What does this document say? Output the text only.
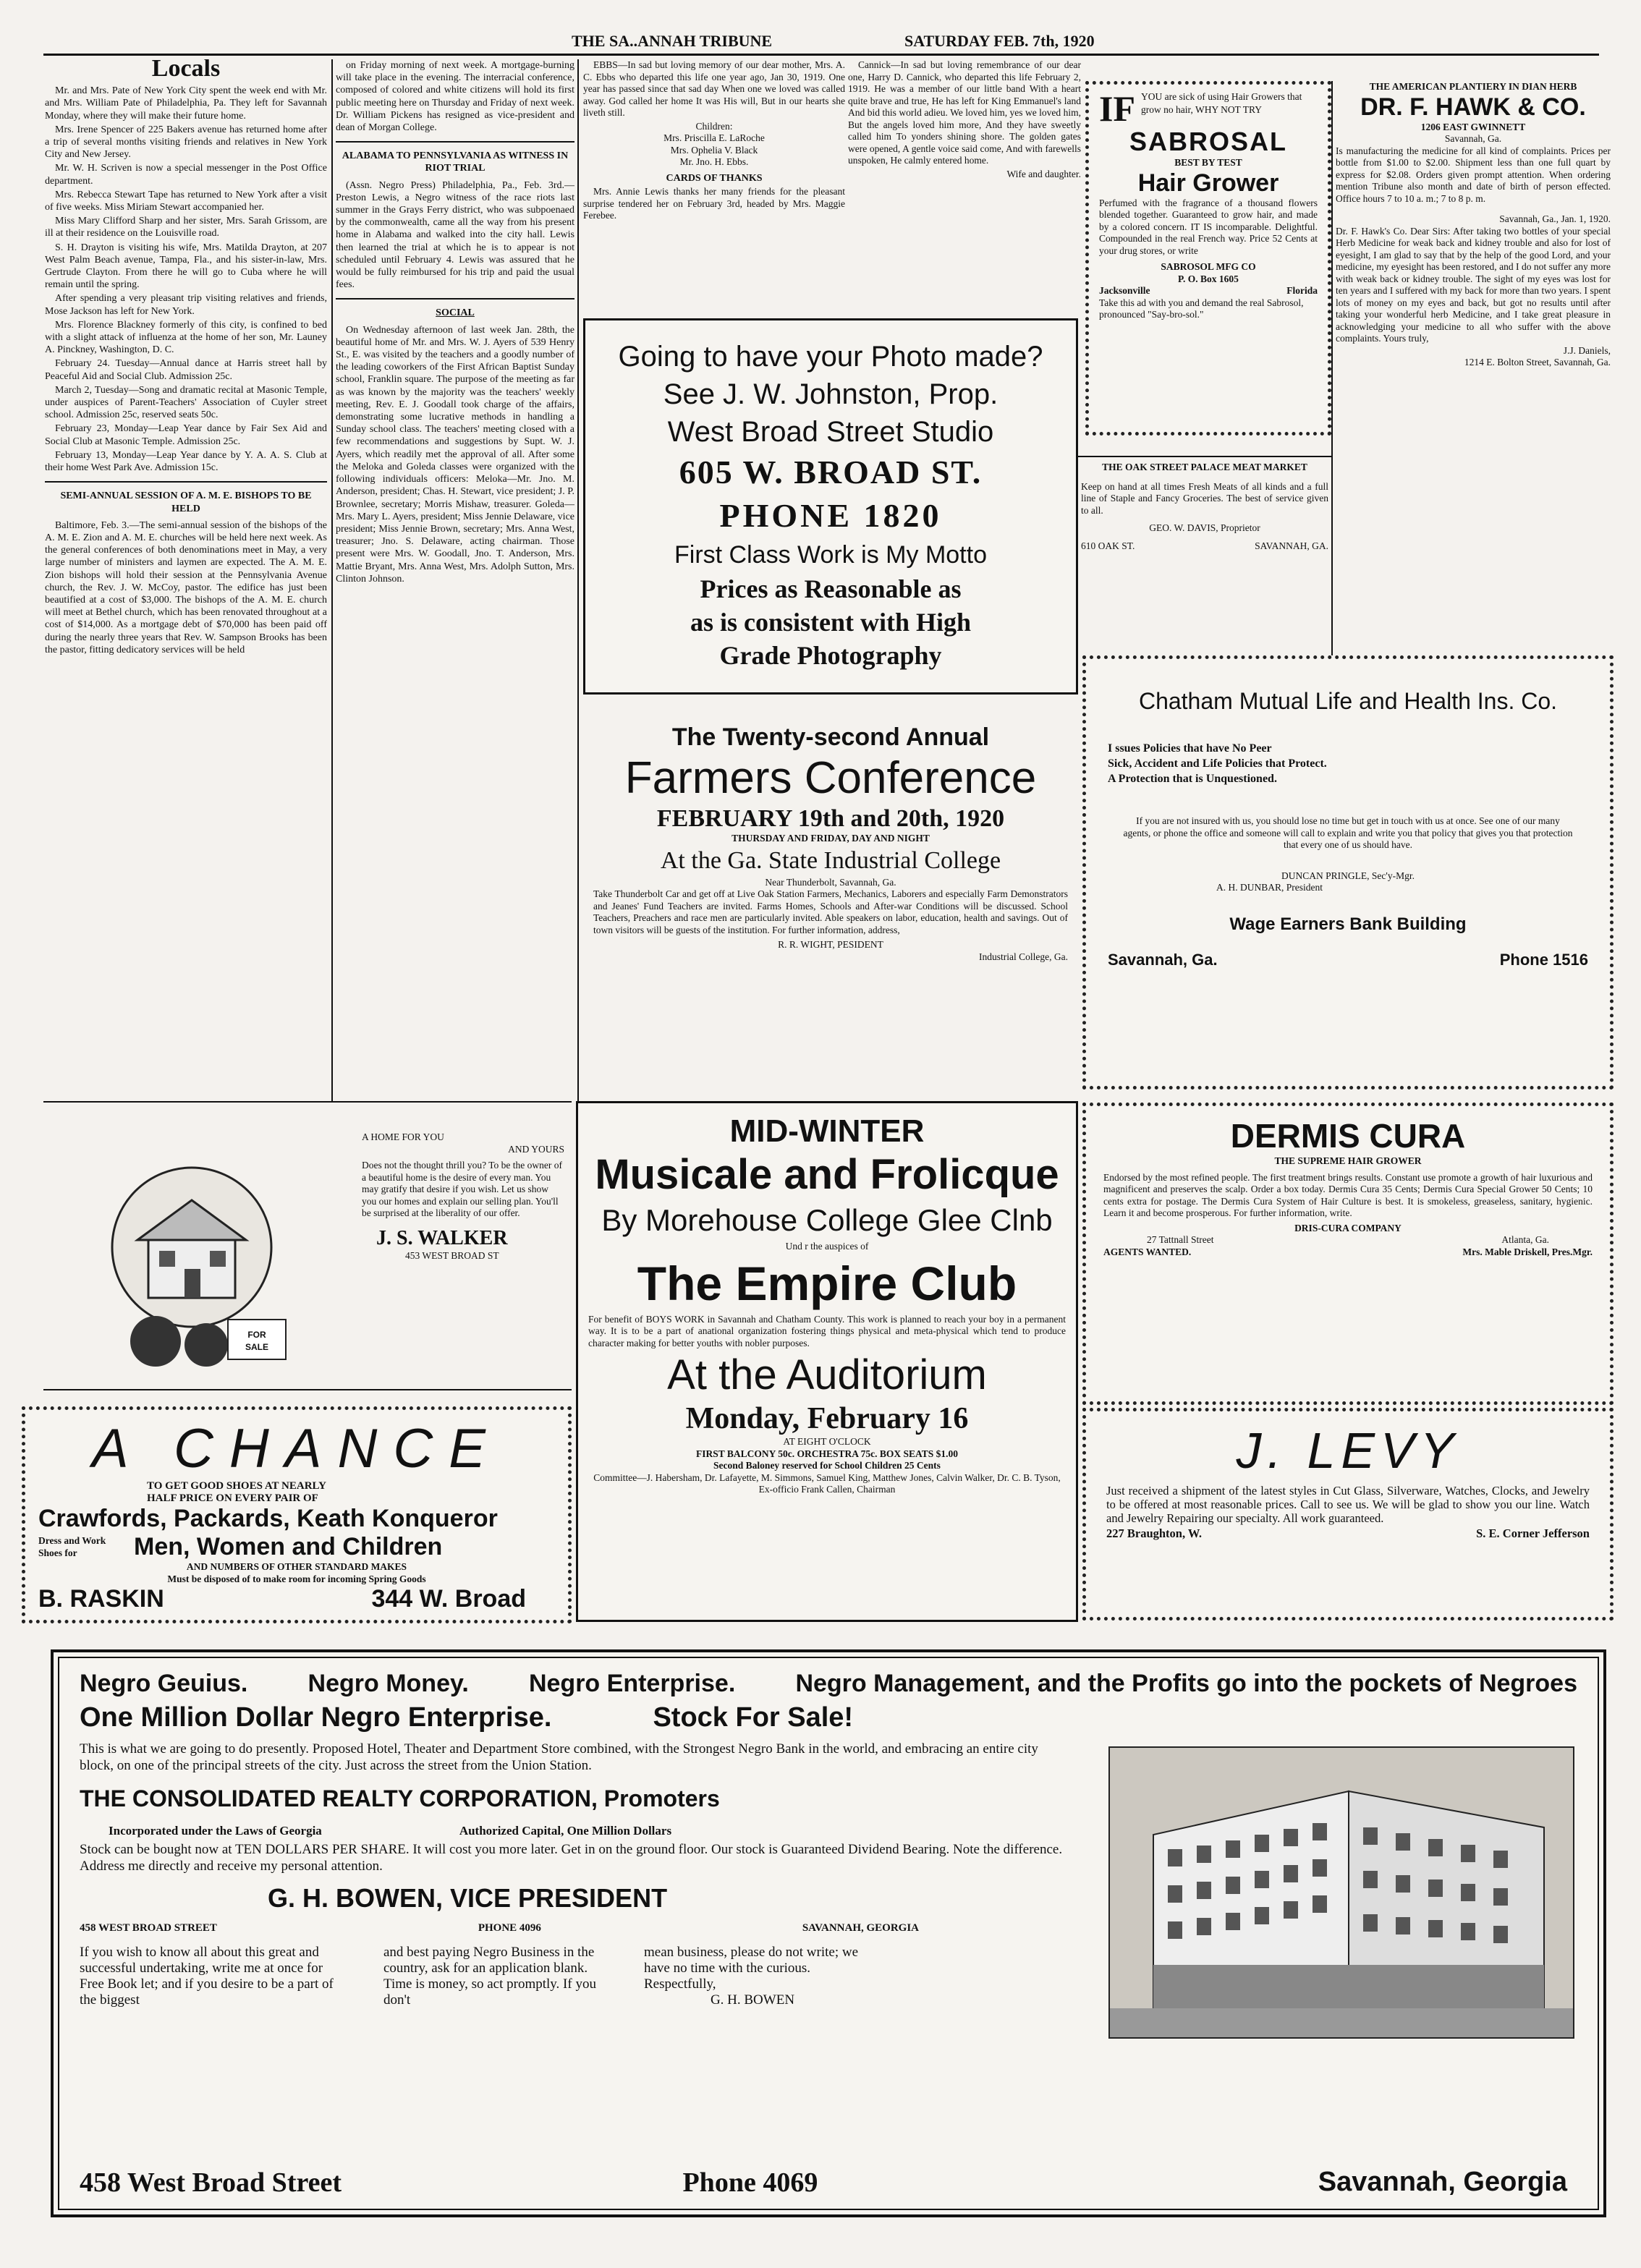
THE SA..ANNAH TRIBUNE	SATURDAY FEB. 7th, 1920
Locals

Mr. and Mrs. Pate of New York City spent the week end with Mr. and Mrs. William Pate of Philadelphia, Pa. They left for Savannah Monday, where they will make their future home.

Mrs. Irene Spencer of 225 Bakers avenue has returned home after a trip of several months visiting friends and relatives in New York City and New Jersey.

Mr. W. H. Scriven is now a special messenger in the Post Office department.

Mrs. Rebecca Stewart Tape has returned to New York after a visit of five weeks. Miss Miriam Stewart accompanied her.

Miss Mary Clifford Sharp and her sister, Mrs. Sarah Grissom, are ill at their residence on the Louisville road.

S. H. Drayton is visiting his wife, Mrs. Matilda Drayton, at 207 West Palm Beach avenue, Tampa, Fla., and his sister-in-law, Mrs. Gertrude Clayton. From there he will go to Cuba where he will remain until the spring.

After spending a very pleasant trip visiting relatives and friends, Mose Jackson has left for New York.

Mrs. Florence Blackney formerly of this city, is confined to bed with a slight attack of influenza at the home of her son, Mr. Launey A. Pinckney, Washington, D. C.

February 24. Tuesday—Annual dance at Harris street hall by Peaceful Aid and Social Club. Admission 25c.

March 2, Tuesday—Song and dramatic recital at Masonic Temple, under auspices of Parent-Teachers' Association of Cuyler street school. Admission 25c, reserved seats 50c.

February 23, Monday—Leap Year dance by Fair Sex Aid and Social Club at Masonic Temple. Admission 25c.

February 13, Monday—Leap Year dance by Y. A. A. S. Club at their home West Park Ave. Admission 15c.

SEMI-ANNUAL SESSION OF A. M. E. BISHOPS TO BE HELD

Baltimore, Feb. 3.—The semi-annual session of the bishops of the A. M. E. Zion and A. M. E. churches will be held here next week. As the general conferences of both denominations meet in May, a very large number of ministers and laymen are expected. The A. M. E. Zion bishops will hold their session at the Pennsylvania Avenue church, the Rev. J. W. McCoy, pastor. The edifice has just been beautified at a cost of $3,000. The bishops of the A. M. E. church will meet at Bethel church, which has been renovated throughout at a cost of $14,000. As a mortgage debt of $70,000 has been paid off during the nearly three years that Rev. W. Sampson Brooks has been the pastor, fitting dedicatory services will be held

on Friday morning of next week. A mortgage-burning will take place in the evening. The interracial conference, composed of colored and white citizens will hold its first public meeting here on Thursday and Friday of next week. Dr. William Pickens has resigned as vice-president and dean of Morgan College.

ALABAMA TO PENNSYLVANIA AS WITNESS IN RIOT TRIAL

(Assn. Negro Press) Philadelphia, Pa., Feb. 3rd.—Preston Lewis, a Negro witness of the race riots last summer in the Grays Ferry district, who was subpoenaed by the commonwealth, came all the way from his present home in Alabama and walked into the city hall. Lewis then learned the trial at which he is to appear is not scheduled until February 4. Lewis was assured that he would be fully reimbursed for his trip and paid the usual fees.

SOCIAL

On Wednesday afternoon of last week Jan. 28th, the beautiful home of Mr. and Mrs. W. J. Ayers of 539 Henry St., E. was visited by the teachers and a goodly number of the leading coworkers of the First African Baptist Sunday school, Franklin square. The purpose of the meeting as far as was known by the majority was the teachers' weekly meeting, Rev. E. J. Goodall took charge of the affairs, demonstrating some lucrative methods in handling a Sunday school class. The teachers' meeting closed with a few recommendations and suggestions by Supt. W. J. Ayers, which readily met the approval of all. After some the Meloka and Goleda classes were organized with the following individuals officers: Meloka—Mr. Jno. M. Anderson, president; Chas. H. Stewart, vice president; J. P. Brownlee, secretary; Morris Mishaw, treasurer. Goleda—Mrs. Mary L. Ayers, president; Miss Jennie Delaware, vice president; Miss Jennie Brown, secretary; Mrs. Anna West, treasurer; Jno. S. Delaware, acting chairman. Those present were Mrs. W. Goodall, Jno. T. Anderson, Mrs. Mattie Bryant, Mrs. Anna West, Mrs. Adolph Sutton, Mrs. Clinton Johnson.

EBBS—In sad but loving memory of our dear mother, Mrs. A. C. Ebbs who departed this life one year ago, Jan 30, 1919. One year has passed since that sad day When one we loved was called away. God called her home It was His will, But in our hearts she liveth still.

Children:
Mrs. Priscilla E. LaRoche
Mrs. Ophelia V. Black
Mr. Jno. H. Ebbs.
CARDS OF THANKS

Mrs. Annie Lewis thanks her many friends for the pleasant surprise tendered her on February 3rd, headed by Mrs. Maggie Ferebee.

Cannick—In sad but loving remembrance of our dear one, Harry D. Cannick, who departed this life February 2, 1919. He was a member of our little band With a heart quite brave and true, He has left for King Emmanuel's land And bid this world adieu. We loved him, yes we loved him, But the angels loved him more, And they have sweetly called him To yonders shining shore. The golden gates were opened, A gentle voice said come, And with farewells unspoken, He calmly entered home.

Wife and daughter.
Going to have your Photo made?
See J. W. Johnston, Prop.
West Broad Street Studio
605 W. BROAD ST.
PHONE 1820
First Class Work is My Motto
Prices as Reasonable as
as is consistent with High
Grade Photography
IF YOU are sick of using Hair Growers that grow no hair, WHY NOT TRY
SABROSAL
BEST BY TEST
Hair Grower
Perfumed with the fragrance of a thousand flowers blended together. Guaranteed to grow hair, and made by a colored concern. IT IS incomparable. Delightful. Compounded in the real French way. Price 52 Cents at your drug stores, or write
SABROSOL MFG CO
P. O. Box 1605
Jacksonville	Florida
Take this ad with you and demand the real Sabrosol, pronounced "Say-bro-sol."
THE OAK STREET PALACE MEAT MARKET
Keep on hand at all times Fresh Meats of all kinds and a full line of Staple and Fancy Groceries. The best of service given to all.
GEO. W. DAVIS, Proprietor
610 OAK ST.	SAVANNAH, GA.
THE AMERICAN PLANTIERY IN DIAN HERB
DR. F. HAWK & CO.
1206 EAST GWINNETT
Savannah, Ga.
Is manufacturing the medicine for all kind of complaints. Prices per bottle from $1.00 to $2.00. Shipment less than one full quart by express for $2.08. Orders given prompt attention. When ordering mention Tribune also month and date of birth of person effected. Office hours 7 to 10 a. m.; 7 to 8 p. m.
Savannah, Ga., Jan. 1, 1920.
Dr. F. Hawk's Co. Dear Sirs: After taking two bottles of your special Herb Medicine for weak back and kidney trouble and also for lost of eyesight, I am glad to say that by the help of the good Lord, and your medicine, my eyesight has been restored, and I do not suffer any more with weak back or kidney trouble. The sight of my eyes was lost for ten years and I suffered with my back for more than two years. I spent lots of money on my eyes and back, but got no results until after taking your wonderful herb Medicine, and I take great pleasure in acknowledging your medicine to all who suffer with the above complaints. Yours truly,
J.J. Daniels,
1214 E. Bolton Street, Savannah, Ga.
The Twenty-second Annual
Farmers Conference
FEBRUARY 19th and 20th, 1920
THURSDAY AND FRIDAY, DAY AND NIGHT
At the Ga. State Industrial College
Near Thunderbolt, Savannah, Ga.
Take Thunderbolt Car and get off at Live Oak Station Farmers, Mechanics, Laborers and especially Farm Demonstrators and Jeanes' Fund Teachers are invited. Farms Homes, Schools and After-war Conditions will be discussed. School Teachers, Preachers and race men are particularly invited. Able speakers on labor, education, health and savings. Out of town visitors will be guests of the institution. For further information, address,
R. R. WIGHT, PESIDENT
Industrial College, Ga.
Chatham Mutual Life and Health Ins. Co.
I ssues Policies that have No Peer
Sick, Accident and Life Policies that Protect.
A Protection that is Unquestioned.
If you are not insured with us, you should lose no time but get in touch with us at once. See one of our many agents, or phone the office and someone will call to explain and write you that policy that gives you that protection that every one of us should have.
DUNCAN PRINGLE, Sec'y-Mgr.
A. H. DUNBAR, President
Wage Earners Bank Building
Savannah, Ga.	Phone 1516
FOR
SALE
A HOME FOR YOU
AND YOURS
Does not the thought thrill you? To be the owner of a beautiful home is the desire of every man. You may gratify that desire if you wish. Let us show you our homes and explain our selling plan. You'll be surprised at the liberality of our offer.
J. S. WALKER
453 WEST BROAD ST
MID-WINTER
Musicale and Frolicque
By Morehouse College Glee Clnb
Und r the auspices of
The Empire Club
For benefit of BOYS WORK in Savannah and Chatham County. This work is planned to reach your boy in a permanent way. It is to be a part of anational organization fostering things physical and meta-physical which tend to produce character making for better youths with nobler purposes.
At the Auditorium
Monday, February 16
AT EIGHT O'CLOCK
FIRST BALCONY 50c. ORCHESTRA 75c. BOX SEATS $1.00
Second Baloney reserved for School Children 25 Cents
Committee—J. Habersham, Dr. Lafayette, M. Simmons, Samuel King, Matthew Jones, Calvin Walker, Dr. C. B. Tyson, Ex-officio Frank Callen, Chairman
DERMIS CURA
THE SUPREME HAIR GROWER
Endorsed by the most refined people. The first treatment brings results. Constant use promote a growth of hair luxurious and magnificent and preserves the scalp. Order a box today. Dermis Cura 35 Cents; Dermis Cura Special Grower 50 Cents; 10 cents extra for postage. The Dermis Cura System of Hair Culture is best. It is smokeless, greaseless, sanitary, hygienic. Learn it and become prosperous. For further information, write.
DRIS-CURA COMPANY
27 Tattnall Street	Atlanta, Ga.
AGENTS WANTED.	Mrs. Mable Driskell, Pres.Mgr.
A CHANCE
TO GET GOOD SHOES AT NEARLY
HALF PRICE ON EVERY PAIR OF
Crawfords, Packards, Keath Konqueror
Dress and Work Shoes for	Men, Women and Children
AND NUMBERS OF OTHER STANDARD MAKES
Must be disposed of to make room for incoming Spring Goods
B. RASKIN	344 W. Broad
J. LEVY
Just received a shipment of the latest styles in Cut Glass, Silverware, Watches, Clocks, and Jewelry to be offered at most reasonable prices. Call to see us. We will be glad to show you our line. Watch and Jewelry Repairing our specialty. All work guaranteed.
227 Braughton, W.	S. E. Corner Jefferson
Negro Geuius. Negro Money. Negro Enterprise. Negro Management, and the Profits go into the pockets of Negroes
One Million Dollar Negro Enterprise.	Stock For Sale!
This is what we are going to do presently. Proposed Hotel, Theater and Department Store combined, with the Strongest Negro Bank in the world, and embracing an entire city block, on one of the principal streets of the city. Just across the street from the Union Station.
THE CONSOLIDATED REALTY CORPORATION, Promoters
Incorporated under the Laws of Georgia	Authorized Capital, One Million Dollars
Stock can be bought now at TEN DOLLARS PER SHARE. It will cost you more later. Get in on the ground floor. Our stock is Guaranteed Dividend Bearing. Note the difference. Address me directly and receive my personal attention.
G. H. BOWEN, VICE PRESIDENT
458 WEST BROAD STREET	PHONE 4096	SAVANNAH, GEORGIA
If you wish to know all about this great and successful undertaking, write me at once for Free Book let; and if you desire to be a part of the biggest
and best paying Negro Business in the country, ask for an application blank. Time is money, so act promptly. If you don't
mean business, please do not write; we have no time with the curious. Respectfully,
G. H. BOWEN
458 West Broad Street	Phone 4069	Savannah, Georgia
